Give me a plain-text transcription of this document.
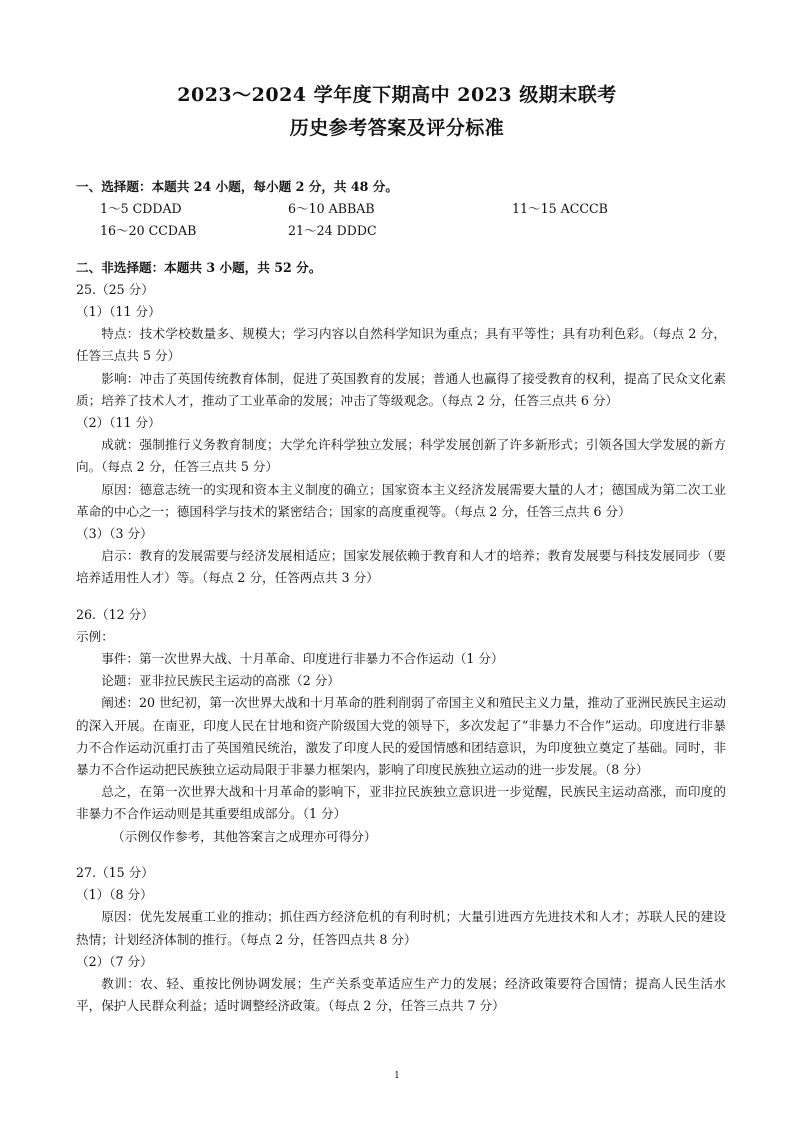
2023～2024 学年度下期高中 2023 级期末联考
历史参考答案及评分标准
一、选择题：本题共 24 小题，每小题 2 分，共 48 分。
1～5 CDDAD	6～10 ABBAB	11～15 ACCCB
16～20 CCDAB	21～24 DDDC
二、非选择题：本题共 3 小题，共 52 分。
25.（25 分）
（1）（11 分）
特点：技术学校数量多、规模大；学习内容以自然科学知识为重点；具有平等性；具有功利色彩。（每点 2 分，任答三点共 5 分）
影响：冲击了英国传统教育体制，促进了英国教育的发展；普通人也赢得了接受教育的权利，提高了民众文化素质；培养了技术人才，推动了工业革命的发展；冲击了等级观念。（每点 2 分，任答三点共 6 分）
（2）（11 分）
成就：强制推行义务教育制度；大学允许科学独立发展；科学发展创新了许多新形式；引领各国大学发展的新方向。（每点 2 分，任答三点共 5 分）
原因：德意志统一的实现和资本主义制度的确立；国家资本主义经济发展需要大量的人才；德国成为第二次工业革命的中心之一；德国科学与技术的紧密结合；国家的高度重视等。（每点 2 分，任答三点共 6 分）
（3）（3 分）
启示：教育的发展需要与经济发展相适应；国家发展依赖于教育和人才的培养；教育发展要与科技发展同步（要培养适用性人才）等。（每点 2 分，任答两点共 3 分）
26.（12 分）
示例：
事件：第一次世界大战、十月革命、印度进行非暴力不合作运动（1 分）
论题：亚非拉民族民主运动的高涨（2 分）
阐述：20 世纪初，第一次世界大战和十月革命的胜利削弱了帝国主义和殖民主义力量，推动了亚洲民族民主运动的深入开展。在南亚，印度人民在甘地和资产阶级国大党的领导下，多次发起了“非暴力不合作”运动。印度进行非暴力不合作运动沉重打击了英国殖民统治，激发了印度人民的爱国情感和团结意识，为印度独立奠定了基础。同时，非暴力不合作运动把民族独立运动局限于非暴力框架内，影响了印度民族独立运动的进一步发展。（8 分）
总之，在第一次世界大战和十月革命的影响下，亚非拉民族独立意识进一步觉醒，民族民主运动高涨，而印度的非暴力不合作运动则是其重要组成部分。（1 分）
（示例仅作参考，其他答案言之成理亦可得分）
27.（15 分）
（1）（8 分）
原因：优先发展重工业的推动；抓住西方经济危机的有利时机；大量引进西方先进技术和人才；苏联人民的建设热情；计划经济体制的推行。（每点 2 分，任答四点共 8 分）
（2）（7 分）
教训：农、轻、重按比例协调发展；生产关系变革适应生产力的发展；经济政策要符合国情；提高人民生活水平，保护人民群众利益；适时调整经济政策。（每点 2 分，任答三点共 7 分）
1
